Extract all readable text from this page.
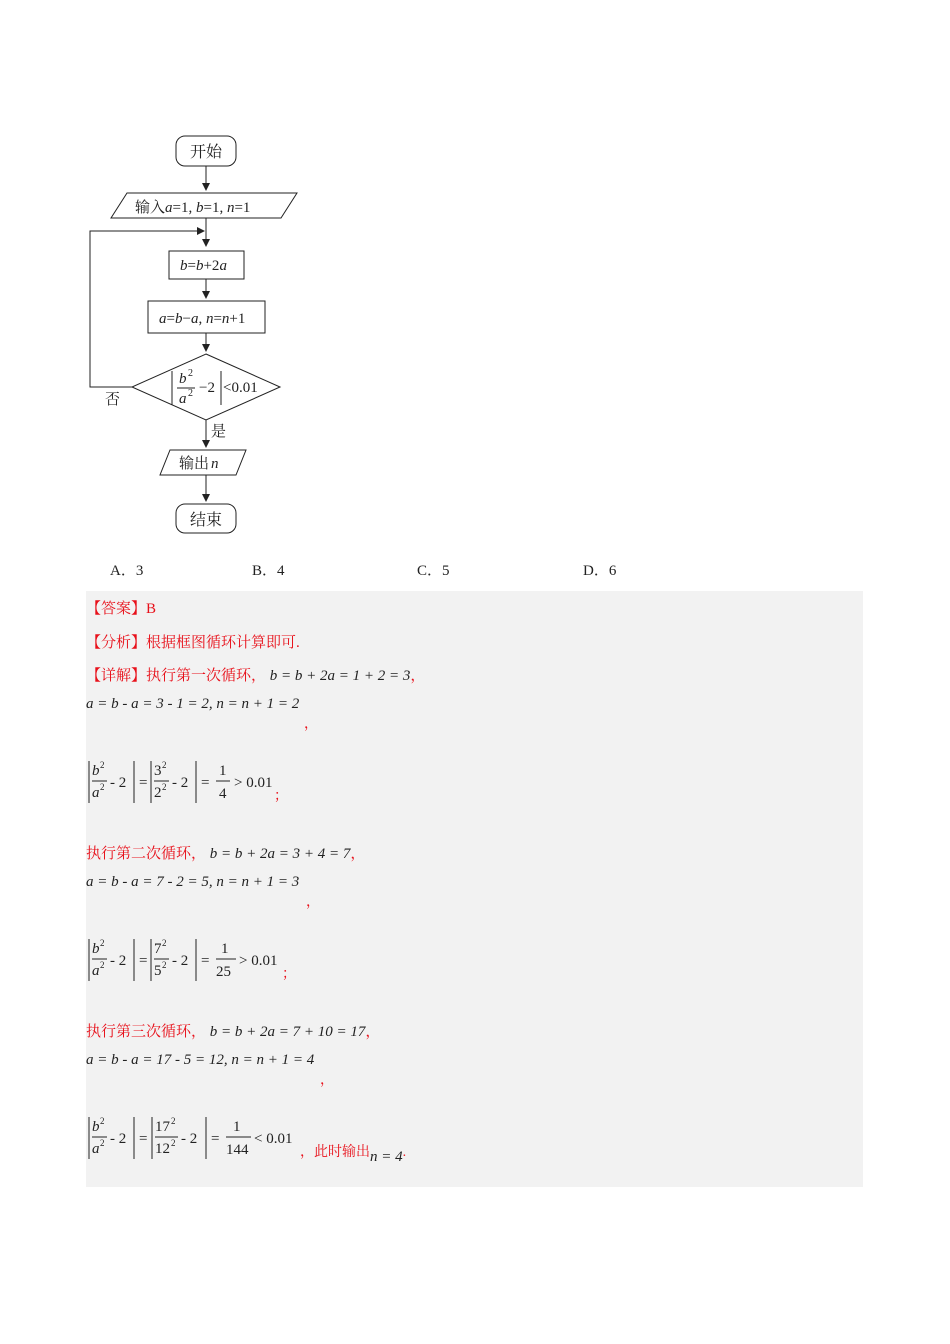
开始
输入a=1, b=1, n=1
b=b+2a
a=b−a, n=n+1
b 2
a 2 −2 <0.01
否
是
输出 n
结束
A．3	B．4	C．5	D．6
【答案】B
【分析】根据框图循环计算即可.
【详解】执行第一次循环， b = b + 2a = 1 + 2 = 3，
a = b - a = 3 - 1 = 2, n = n + 1 = 2
，
b 2
a 2 - 2 =
3 2
2 2 - 2 =
1
4
> 0.01
；
执行第二次循环， b = b + 2a = 3 + 4 = 7，
a = b - a = 7 - 2 = 5, n = n + 1 = 3
，
b 2
a 2 - 2 =
7 2
5 2 - 2 =
1
25
> 0.01
；
执行第三次循环， b = b + 2a = 7 + 10 = 17，
a = b - a = 17 - 5 = 12, n = n + 1 = 4
，
b 2
a 2 - 2 =
17 2
12 2 - 2 =
1
144
< 0.01
，此时输出n = 4.
